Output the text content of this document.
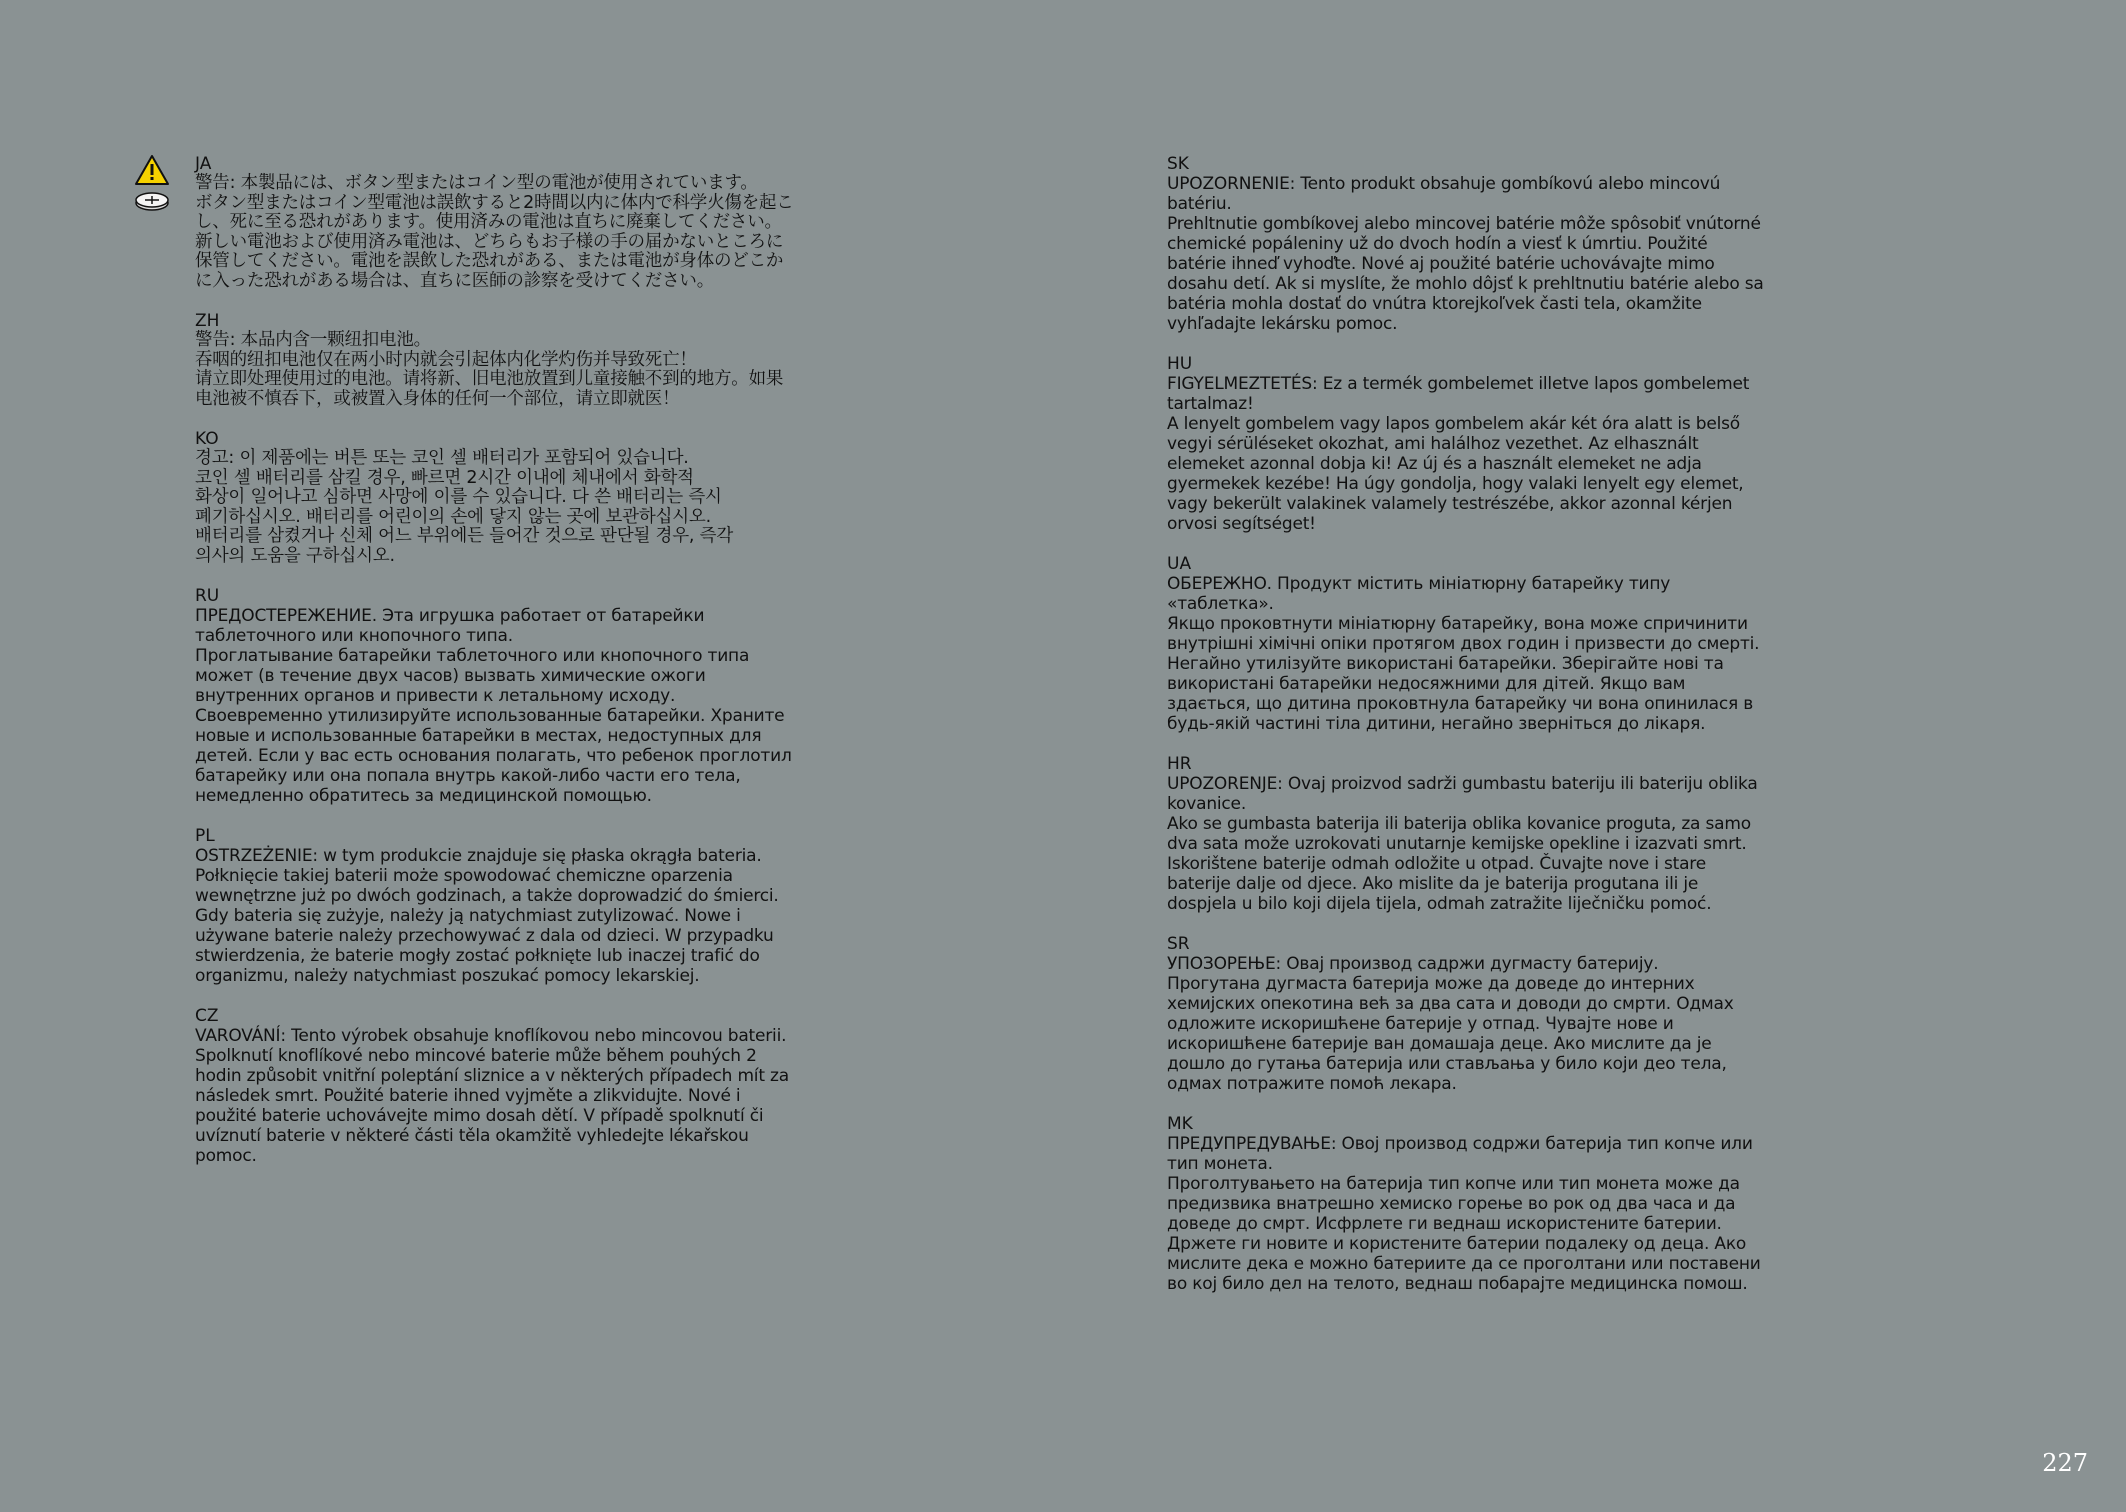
JA
警告: 本製品には、ボタン型またはコイン型の電池が使用されています。
ボタン型またはコイン型電池は誤飲すると2時間以内に体内で科学火傷を起こし、死に至る恐れがあります。使用済みの電池は直ちに廃棄してください。新しい電池および使用済み電池は、どちらもお子様の手の届かないところに保管してください。電池を誤飲した恐れがある、または電池が身体のどこかに入った恐れがある場合は、直ちに医師の診察を受けてください。
ZH
警告: 本品内含一颗纽扣电池。
吞咽的纽扣电池仅在两小时内就会引起体内化学灼伤并导致死亡！
请立即处理使用过的电池。请将新、旧电池放置到儿童接触不到的地方。如果电池被不慎吞下，或被置入身体的任何一个部位，请立即就医！
KO
경고: 이 제품에는 버튼 또는 코인 셀 배터리가 포함되어 있습니다.
코인 셀 배터리를 삼킬 경우, 빠르면 2시간 이내에 체내에서 화학적
화상이 일어나고 심하면 사망에 이를 수 있습니다. 다 쓴 배터리는 즉시
폐기하십시오. 배터리를 어린이의 손에 닿지 않는 곳에 보관하십시오.
배터리를 삼켰거나 신체 어느 부위에든 들어간 것으로 판단될 경우, 즉각
의사의 도움을 구하십시오.
RU
ПРЕДОСТЕРЕЖЕНИЕ. Эта игрушка работает от батарейки таблеточного или кнопочного типа.
Проглатывание батарейки таблеточного или кнопочного типа может (в течение двух часов) вызвать химические ожоги внутренних органов и привести к летальному исходу. Своевременно утилизируйте использованные батарейки. Храните новые и использованные батарейки в местах, недоступных для детей. Если у вас есть основания полагать, что ребенок проглотил батарейку или она попала внутрь какой-либо части его тела, немедленно обратитесь за медицинской помощью.
PL
OSTRZEŻENIE: w tym produkcie znajduje się płaska okrągła bateria.
Połknięcie takiej baterii może spowodować chemiczne oparzenia wewnętrzne już po dwóch godzinach, a także doprowadzić do śmierci. Gdy bateria się zużyje, należy ją natychmiast zutylizować. Nowe i używane baterie należy przechowywać z dala od dzieci. W przypadku stwierdzenia, że baterie mogły zostać połknięte lub inaczej trafić do organizmu, należy natychmiast poszukać pomocy lekarskiej.
CZ
VAROVÁNÍ: Tento výrobek obsahuje knoflíkovou nebo mincovou baterii.
Spolknutí knoflíkové nebo mincové baterie může během pouhých 2 hodin způsobit vnitřní poleptání sliznice a v některých případech mít za následek smrt. Použité baterie ihned vyjměte a zlikvidujte. Nové i použité baterie uchovávejte mimo dosah dětí. V případě spolknutí či uvíznutí baterie v některé části těla okamžitě vyhledejte lékařskou pomoc.
SK
UPOZORNENIE: Tento produkt obsahuje gombíkovú alebo mincovú batériu.
Prehltnutie gombíkovej alebo mincovej batérie môže spôsobiť vnútorné chemické popáleniny už do dvoch hodín a viesť k úmrtiu. Použité batérie ihneď vyhoďte. Nové aj použité batérie uchovávajte mimo dosahu detí. Ak si myslíte, že mohlo dôjsť k prehltnutiu batérie alebo sa batéria mohla dostať do vnútra ktorejkoľvek časti tela, okamžite vyhľadajte lekársku pomoc.
HU
FIGYELMEZTETÉS: Ez a termék gombelemet illetve lapos gombelemet tartalmaz!
A lenyelt gombelem vagy lapos gombelem akár két óra alatt is belső vegyi sérüléseket okozhat, ami halálhoz vezethet. Az elhasznált elemeket azonnal dobja ki! Az új és a használt elemeket ne adja gyermekek kezébe! Ha úgy gondolja, hogy valaki lenyelt egy elemet, vagy bekerült valakinek valamely testrészébe, akkor azonnal kérjen orvosi segítséget!
UA
ОБЕРЕЖНО. Продукт містить мініатюрну батарейку типу «таблетка».
Якщо проковтнути мініатюрну батарейку, вона може спричинити внутрішні хімічні опіки протягом двох годин і призвести до смерті. Негайно утилізуйте використані батарейки. Зберігайте нові та використані батарейки недосяжними для дітей. Якщо вам здається, що дитина проковтнула батарейку чи вона опинилася в будь-якій частині тіла дитини, негайно зверніться до лікаря.
HR
UPOZORENJE: Ovaj proizvod sadrži gumbastu bateriju ili bateriju oblika kovanice.
Ako se gumbasta baterija ili baterija oblika kovanice proguta, za samo dva sata može uzrokovati unutarnje kemijske opekline i izazvati smrt. Iskorištene baterije odmah odložite u otpad. Čuvajte nove i stare baterije dalje od djece. Ako mislite da je baterija progutana ili je dospjela u bilo koji dijela tijela, odmah zatražite liječničku pomoć.
SR
УПОЗОРЕЊЕ: Овај производ садржи дугмасту батерију.
Прогутана дугмаста батерија може да доведе до интерних хемијских опекотина већ за два сата и доводи до смрти. Одмах одложите искоришћене батерије у отпад. Чувајте нове и искоришћене батерије ван домашаја деце. Ако мислите да је дошло до гутања батерија или стављања у било који део тела, одмах потражите помоћ лекара.
MK
ПРЕДУПРЕДУВАЊЕ: Овој производ содржи батерија тип копче или тип монета.
Проголтувањето на батерија тип копче или тип монета може да предизвика внатрешно хемиско горење во рок од два часа и да доведе до смрт. Исфрлете ги веднаш искористените батерии. Држете ги новите и користените батерии подалеку од деца. Ако мислите дека е можно батериите да се проголтани или поставени во кој било дел на телото, веднаш побарајте медицинска помош.
227
